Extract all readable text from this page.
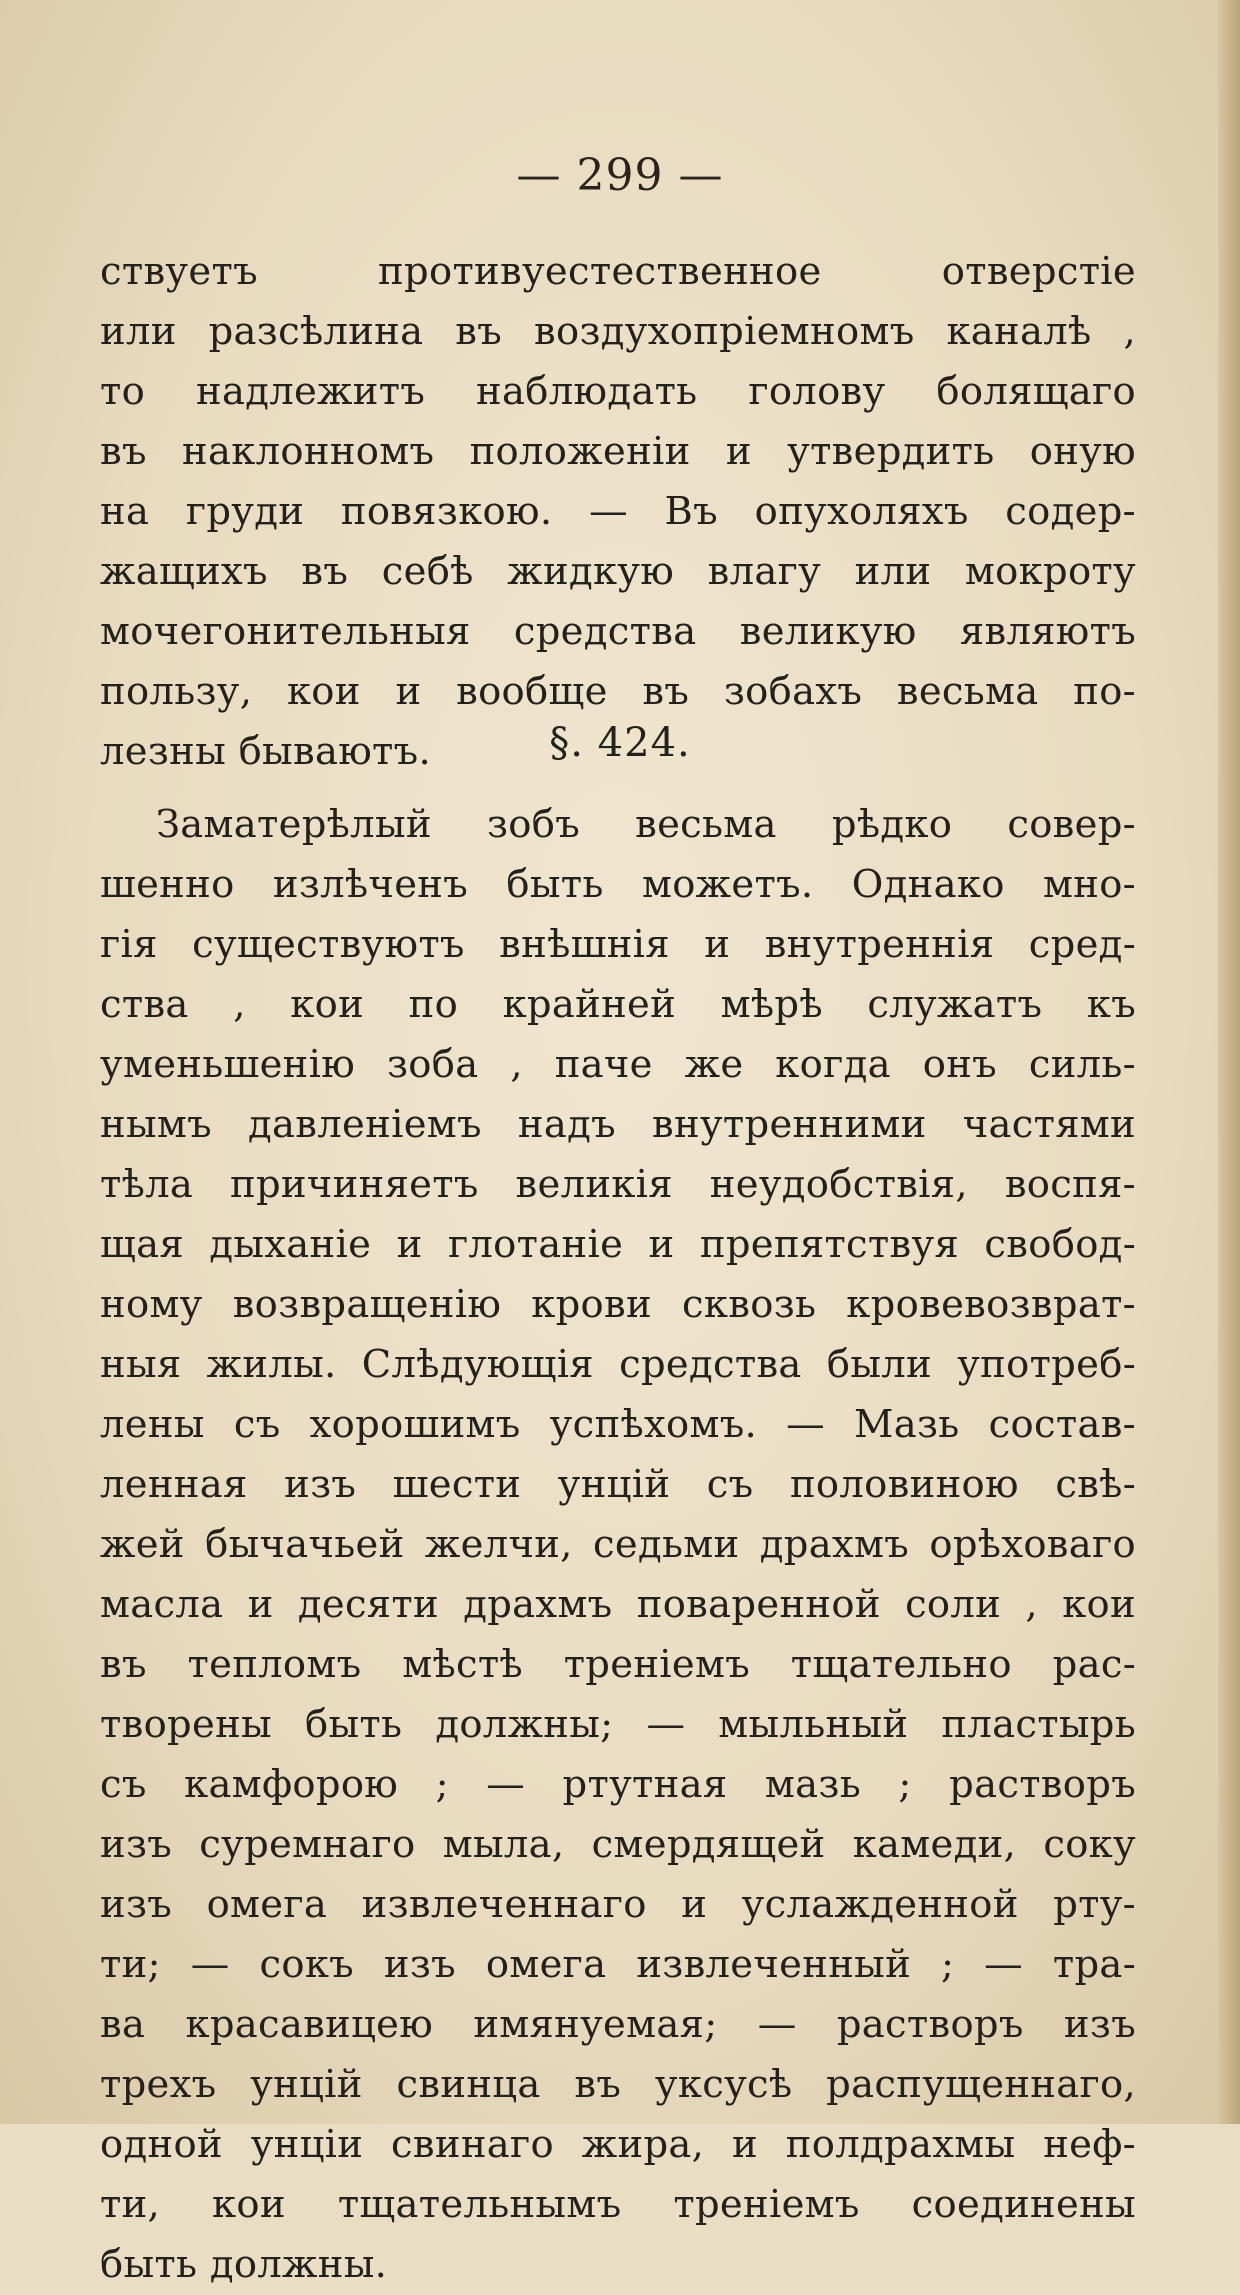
— 299 —

ствуетъ противуестественное отверстіе

или разсѣлина въ воздухопріемномъ каналѣ ,

то надлежитъ наблюдать голову болящаго

въ наклонномъ положеніи и утвердить оную

на груди повязкою. — Въ опухоляхъ содер-

жащихъ въ себѣ жидкую влагу или мокроту

мочегонительныя средства великую являютъ

пользу, кои и вообще въ зобахъ весьма по-

лезны бываютъ.	§. 424.

Заматерѣлый зобъ весьма рѣдко совер-

шенно излѣченъ быть можетъ. Однако мно-

гія существуютъ внѣшнія и внутреннія сред-

ства , кои по крайней мѣрѣ служатъ къ

уменьшенію зоба , паче же когда онъ силь-

нымъ давленіемъ надъ внутренними частями

тѣла причиняетъ великія неудобствія, воспя-

щая дыханіе и глотаніе и препятствуя свобод-

ному возвращенію крови сквозь кровевозврат-

ныя жилы. Слѣдующія средства были употреб-

лены съ хорошимъ успѣхомъ. — Мазь состав-

ленная изъ шести унцій съ половиною свѣ-

жей бычачьей желчи, седьми драхмъ орѣховаго

масла и десяти драхмъ поваренной соли , кои

въ тепломъ мѣстѣ треніемъ тщательно рас-

творены быть должны; — мыльный пластырь

съ камфорою ; — ртутная мазь ; растворъ

изъ суремнаго мыла, смердящей камеди, соку

изъ омега извлеченнаго и услажденной рту-

ти; — сокъ изъ омега извлеченный ; — тра-

ва красавицею имянуемая; — растворъ изъ

трехъ унцій свинца въ уксусѣ распущеннаго,

одной унціи свинаго жира, и полдрахмы неф-

ти, кои тщательнымъ треніемъ соединены

быть должны.
